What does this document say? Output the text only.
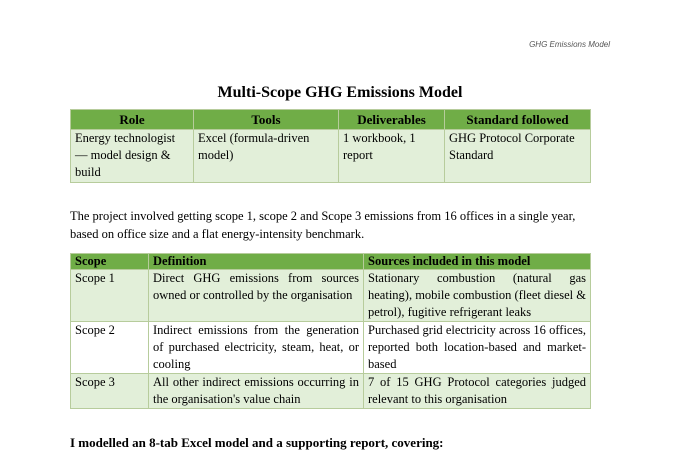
GHG Emissions Model
Multi-Scope GHG Emissions Model
Role	Tools	Deliverables	Standard followed
Energy technologist — model design & build	Excel (formula-driven model)	1 workbook, 1 report	GHG Protocol Corporate Standard
The project involved getting scope 1, scope 2 and Scope 3 emissions from 16 offices in a single year, based on office size and a flat energy-intensity benchmark.
Scope	Definition	Sources included in this model
Scope 1	Direct GHG emissions from sources owned or controlled by the organisation	Stationary combustion (natural gas heating), mobile combustion (fleet diesel & petrol), fugitive refrigerant leaks
Scope 2	Indirect emissions from the generation of purchased electricity, steam, heat, or cooling	Purchased grid electricity across 16 offices, reported both location-based and market-based
Scope 3	All other indirect emissions occurring in the organisation's value chain	7 of 15 GHG Protocol categories judged relevant to this organisation
I modelled an 8-tab Excel model and a supporting report, covering:
